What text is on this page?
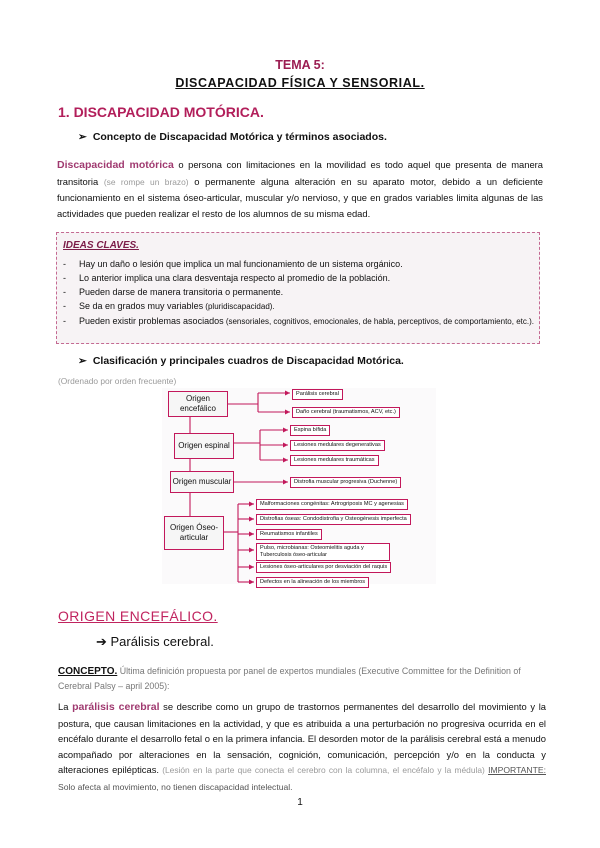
TEMA 5:
DISCAPACIDAD FÍSICA Y SENSORIAL.
1. DISCAPACIDAD MOTÓRICA.
➢ Concepto de Discapacidad Motórica y términos asociados.
Discapacidad motórica o persona con limitaciones en la movilidad es todo aquel que presenta de manera transitoria (se rompe un brazo) o permanente alguna alteración en su aparato motor, debido a un deficiente funcionamiento en el sistema óseo-articular, muscular y/o nervioso, y que en grados variables limita algunas de las actividades que pueden realizar el resto de los alumnos de su misma edad.
IDEAS CLAVES.
- Hay un daño o lesión que implica un mal funcionamiento de un sistema orgánico.
- Lo anterior implica una clara desventaja respecto al promedio de la población.
- Pueden darse de manera transitoria o permanente.
- Se da en grados muy variables (pluridiscapacidad).
- Pueden existir problemas asociados (sensoriales, cognitivos, emocionales, de habla, perceptivos, de comportamiento, etc.).
➢ Clasificación y principales cuadros de Discapacidad Motórica.
(Ordenado por orden frecuente)
Origen encefálico
Origen espinal
Origen muscular
Origen Óseo-articular
Parálisis cerebral
Daño cerebral (traumatismos, ACV, etc.)
Espina bífida
Lesiones medulares degenerativas
Lesiones medulares traumáticas
Distrofia muscular progresiva (Duchenne)
Malformaciones congénitas: Artrogriposis MC y agenesias
Distrofias óseas: Condodistrofia y Osteogénesis imperfecta
Reumatismos infantiles
Pulso, microbianas: Osteomielitis aguda y Tuberculosis óseo-articular
Lesiones óseo-articulares por desviación del raquis
Defectos en la alineación de los miembros
ORIGEN ENCEFÁLICO.
➔ Parálisis cerebral.
CONCEPTO. Última definición propuesta por panel de expertos mundiales (Executive Committee for the Definition of Cerebral Palsy – april 2005):
La parálisis cerebral se describe como un grupo de trastornos permanentes del desarrollo del movimiento y la postura, que causan limitaciones en la actividad, y que es atribuida a una perturbación no progresiva ocurrida en el encéfalo durante el desarrollo fetal o en la primera infancia. El desorden motor de la parálisis cerebral está a menudo acompañado por alteraciones en la sensación, cognición, comunicación, percepción y/o en la conducta y alteraciones epilépticas. (Lesión en la parte que conecta el cerebro con la columna, el encéfalo y la médula) IMPORTANTE: Solo afecta al movimiento, no tienen discapacidad intelectual.
1
